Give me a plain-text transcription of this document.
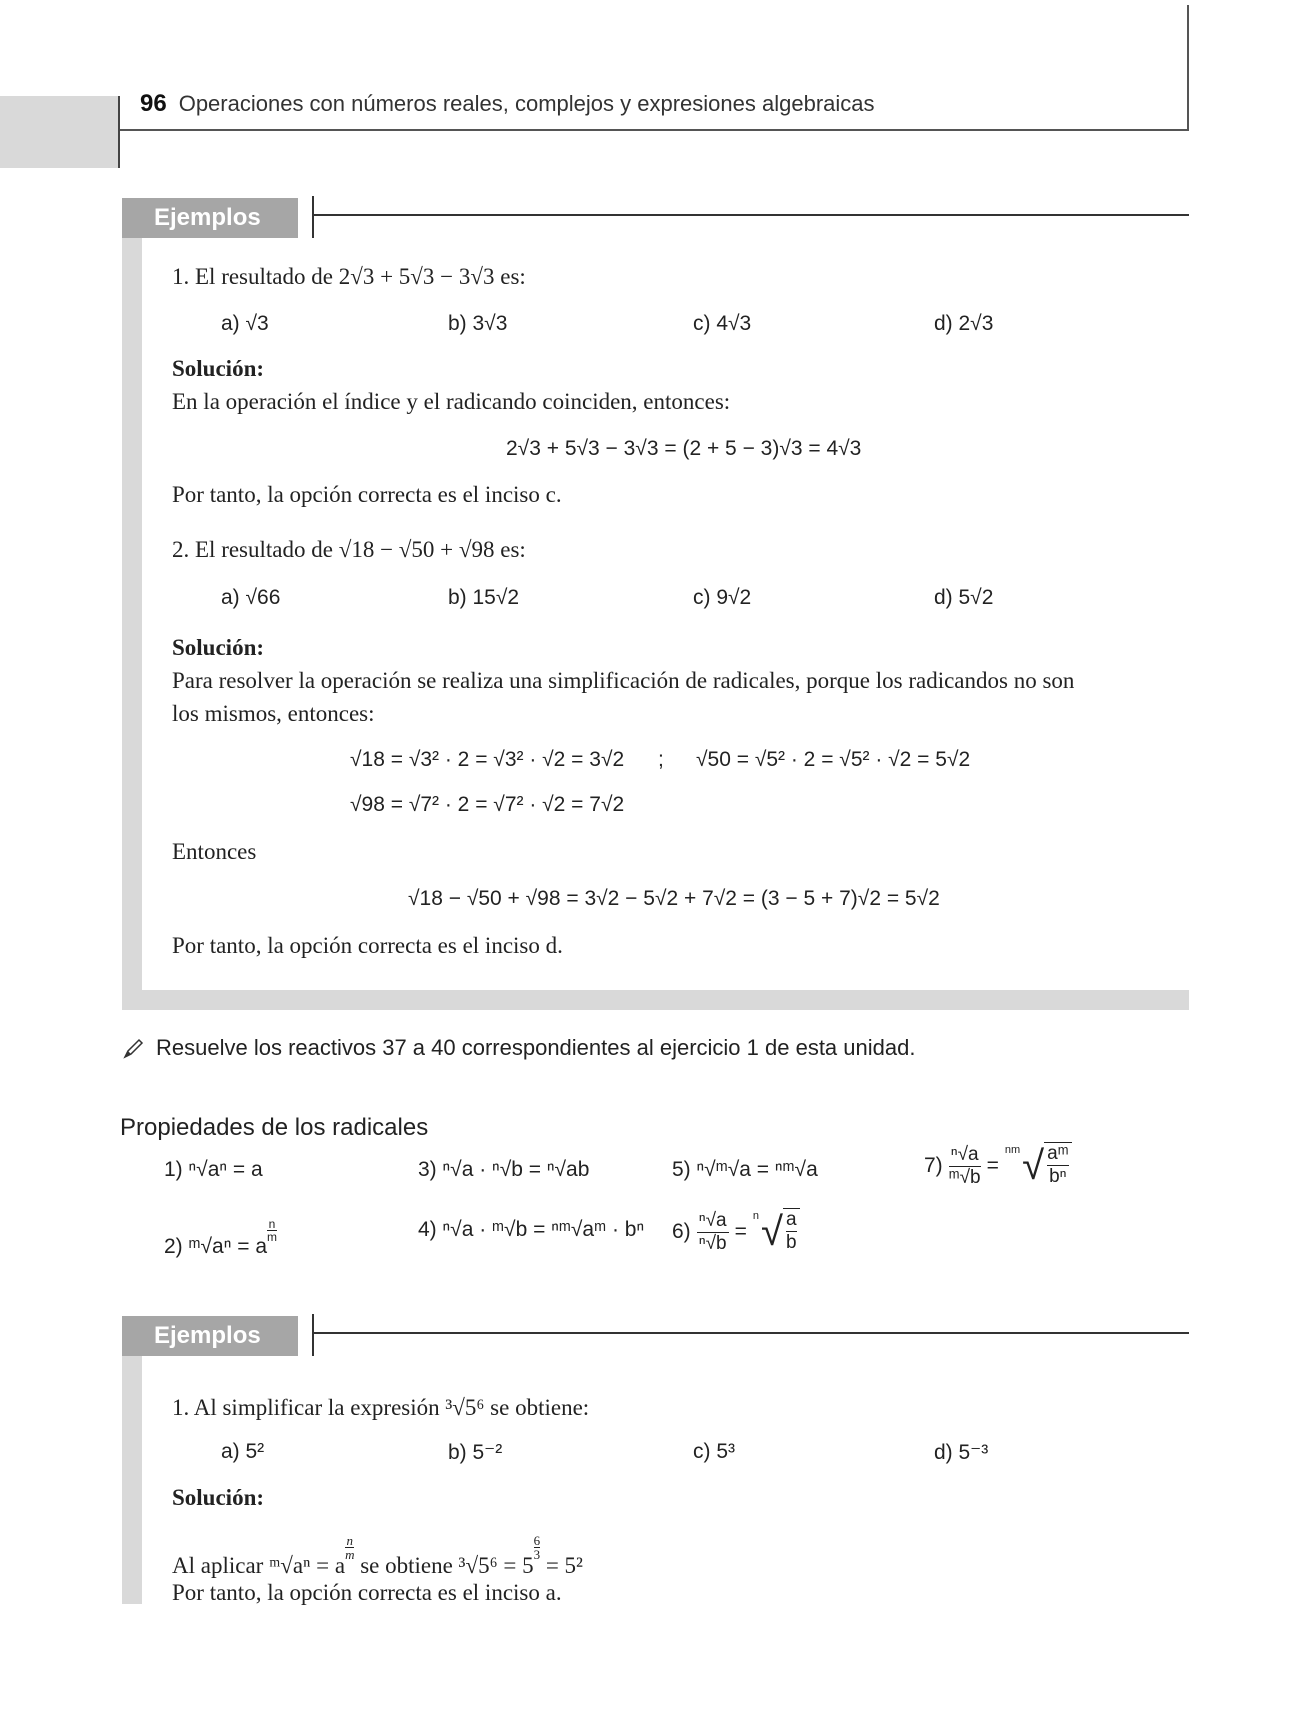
96 Operaciones con números reales, complejos y expresiones algebraicas
Ejemplos
1. El resultado de 2√3 + 5√3 − 3√3 es:
a) √3	b) 3√3	c) 4√3	d) 2√3
Solución:
En la operación el índice y el radicando coinciden, entonces:
2√3 + 5√3 − 3√3 = (2 + 5 − 3)√3 = 4√3
Por tanto, la opción correcta es el inciso c.
2. El resultado de √18 − √50 + √98 es:
a) √66	b) 15√2	c) 9√2	d) 5√2
Solución:
Para resolver la operación se realiza una simplificación de radicales, porque los radicandos no son
los mismos, entonces:
√18 = √3² · 2 = √3² · √2 = 3√2 ; √50 = √5² · 2 = √5² · √2 = 5√2
√98 = √7² · 2 = √7² · √2 = 7√2
Entonces
√18 − √50 + √98 = 3√2 − 5√2 + 7√2 = (3 − 5 + 7)√2 = 5√2
Por tanto, la opción correcta es el inciso d.
Resuelve los reactivos 37 a 40 correspondientes al ejercicio 1 de esta unidad.
Propiedades de los radicales
1) ⁿ√aⁿ = a
2) ᵐ√aⁿ = a
$\frac{n}{m}$
3) ⁿ√a · ⁿ√b = ⁿ√ab
4) ⁿ√a · ᵐ√b = ⁿᵐ√aᵐ · bⁿ
5) ⁿ√ᵐ√a = ⁿᵐ√a
$6) \frac{\text{ⁿ√a}}{\text{ⁿ√b}}$ =
n √ a
b
$7) \frac{\text{ⁿ√a}}{\text{ᵐ√b}}$ =
nm √ aᵐ
bⁿ
Ejemplos
1. Al simplificar la expresión ³√5⁶ se obtiene:
a) 5²	b) 5⁻²	c) 5³	d) 5⁻³
Solución:
Al aplicar ᵐ√aⁿ = a
$\frac{n}{m}$
se obtiene ³√5⁶ = 5
$\frac{6}{3}$
= 5²
Por tanto, la opción correcta es el inciso a.
